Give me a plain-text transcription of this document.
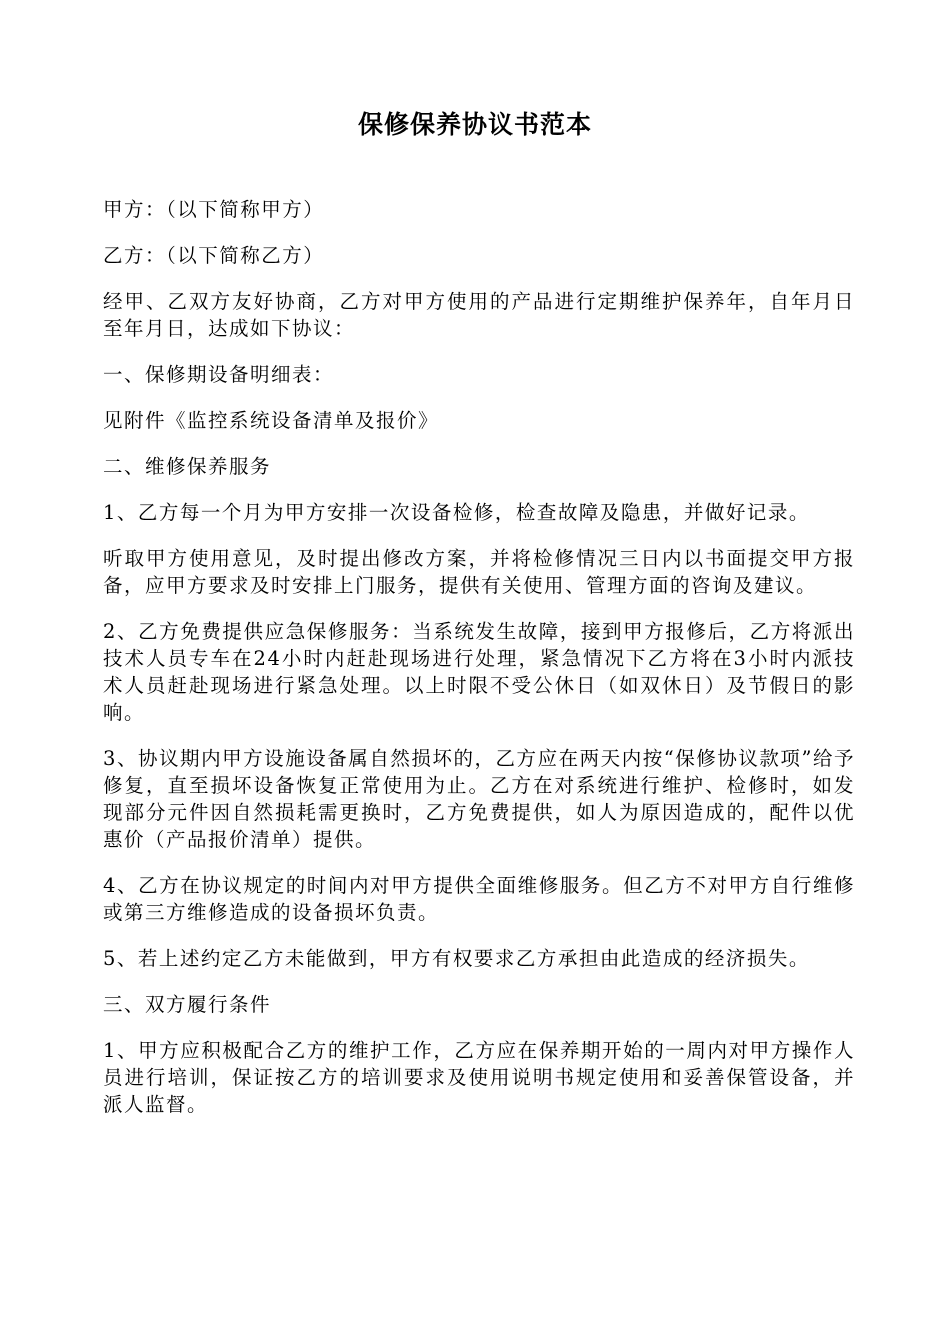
保修保养协议书范本

甲方：（以下简称甲方）

乙方：（以下简称乙方）

经甲、乙双方友好协商，乙方对甲方使用的产品进行定期维护保养年，自年月日至年月日，达成如下协议：

一、保修期设备明细表：

见附件《监控系统设备清单及报价》

二、维修保养服务

1、乙方每一个月为甲方安排一次设备检修，检查故障及隐患，并做好记录。

听取甲方使用意见，及时提出修改方案，并将检修情况三日内以书面提交甲方报备，应甲方要求及时安排上门服务，提供有关使用、管理方面的咨询及建议。

2、乙方免费提供应急保修服务：当系统发生故障，接到甲方报修后，乙方将派出技术人员专车在24小时内赶赴现场进行处理，紧急情况下乙方将在3小时内派技术人员赶赴现场进行紧急处理。以上时限不受公休日（如双休日）及节假日的影响。

3、协议期内甲方设施设备属自然损坏的，乙方应在两天内按“保修协议款项”给予修复，直至损坏设备恢复正常使用为止。乙方在对系统进行维护、检修时，如发现部分元件因自然损耗需更换时，乙方免费提供，如人为原因造成的，配件以优惠价（产品报价清单）提供。

4、乙方在协议规定的时间内对甲方提供全面维修服务。但乙方不对甲方自行维修或第三方维修造成的设备损坏负责。

5、若上述约定乙方未能做到，甲方有权要求乙方承担由此造成的经济损失。

三、双方履行条件

1、甲方应积极配合乙方的维护工作，乙方应在保养期开始的一周内对甲方操作人员进行培训，保证按乙方的培训要求及使用说明书规定使用和妥善保管设备，并派人监督。
